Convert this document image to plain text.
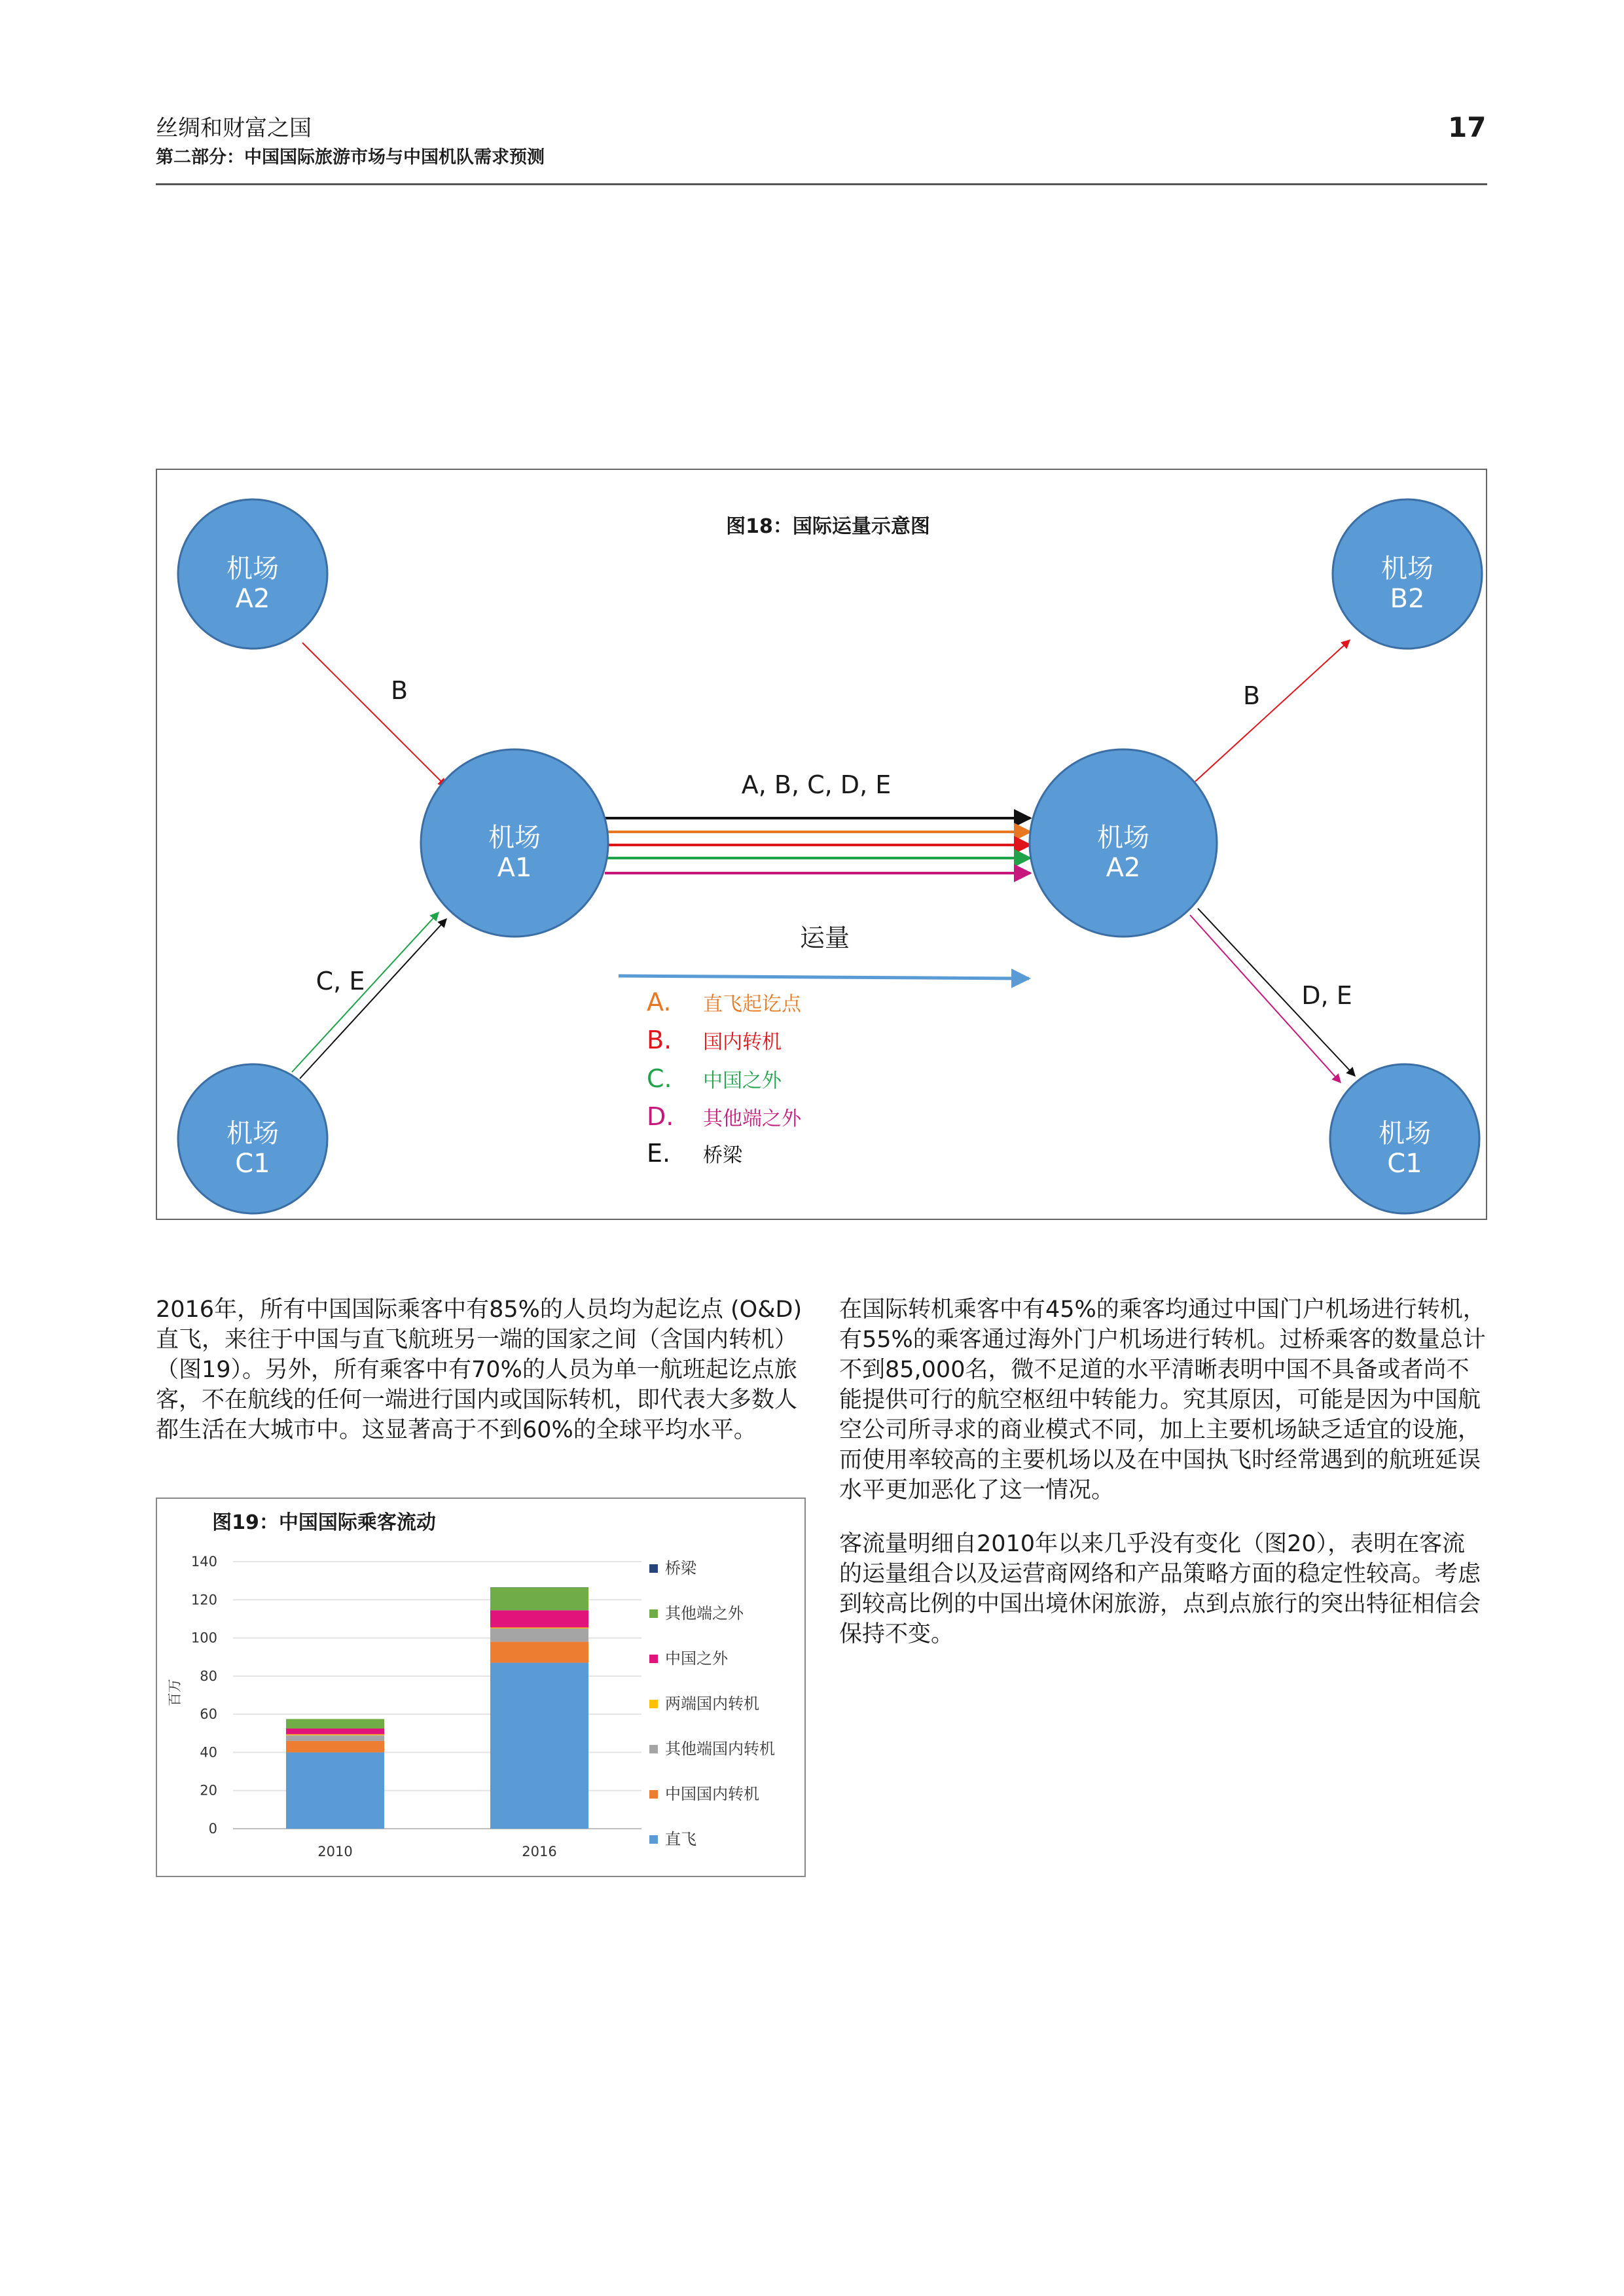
丝绸和财富之国
第二部分：中国国际旅游市场与中国机队需求预测
17
图18：国际运量示意图
机场
A2
机场
A1
机场
C1
机场
A2
机场
B2
机场
C1
B	B
C, E	D, E
A, B, C, D, E
运量
A. 直飞起讫点
B. 国内转机
C. 中国之外
D. 其他端之外
E. 桥梁

2016年，所有中国国际乘客中有85%的人员均为起讫点 (O&D) 直飞，来往于中国与直飞航班另一端的国家之间（含国内转机）（图19）。另外，所有乘客中有70%的人员为单一航班起讫点旅客，不在航线的任何一端进行国内或国际转机，即代表大多数人都生活在大城市中。这显著高于不到60%的全球平均水平。

在国际转机乘客中有45%的乘客均通过中国门户机场进行转机，有55%的乘客通过海外门户机场进行转机。过桥乘客的数量总计不到85,000名，微不足道的水平清晰表明中国不具备或者尚不能提供可行的航空枢纽中转能力。究其原因，可能是因为中国航空公司所寻求的商业模式不同，加上主要机场缺乏适宜的设施，而使用率较高的主要机场以及在中国执飞时经常遇到的航班延误水平更加恶化了这一情况。

客流量明细自2010年以来几乎没有变化（图20），表明在客流的运量组合以及运营商网络和产品策略方面的稳定性较高。考虑到较高比例的中国出境休闲旅游，点到点旅行的突出特征相信会保持不变。

图19：中国国际乘客流动
百万
0
20
40
60
80
100
120
140
2010	2016
桥梁
其他端之外
中国之外
两端国内转机
其他端国内转机
中国国内转机
直飞
